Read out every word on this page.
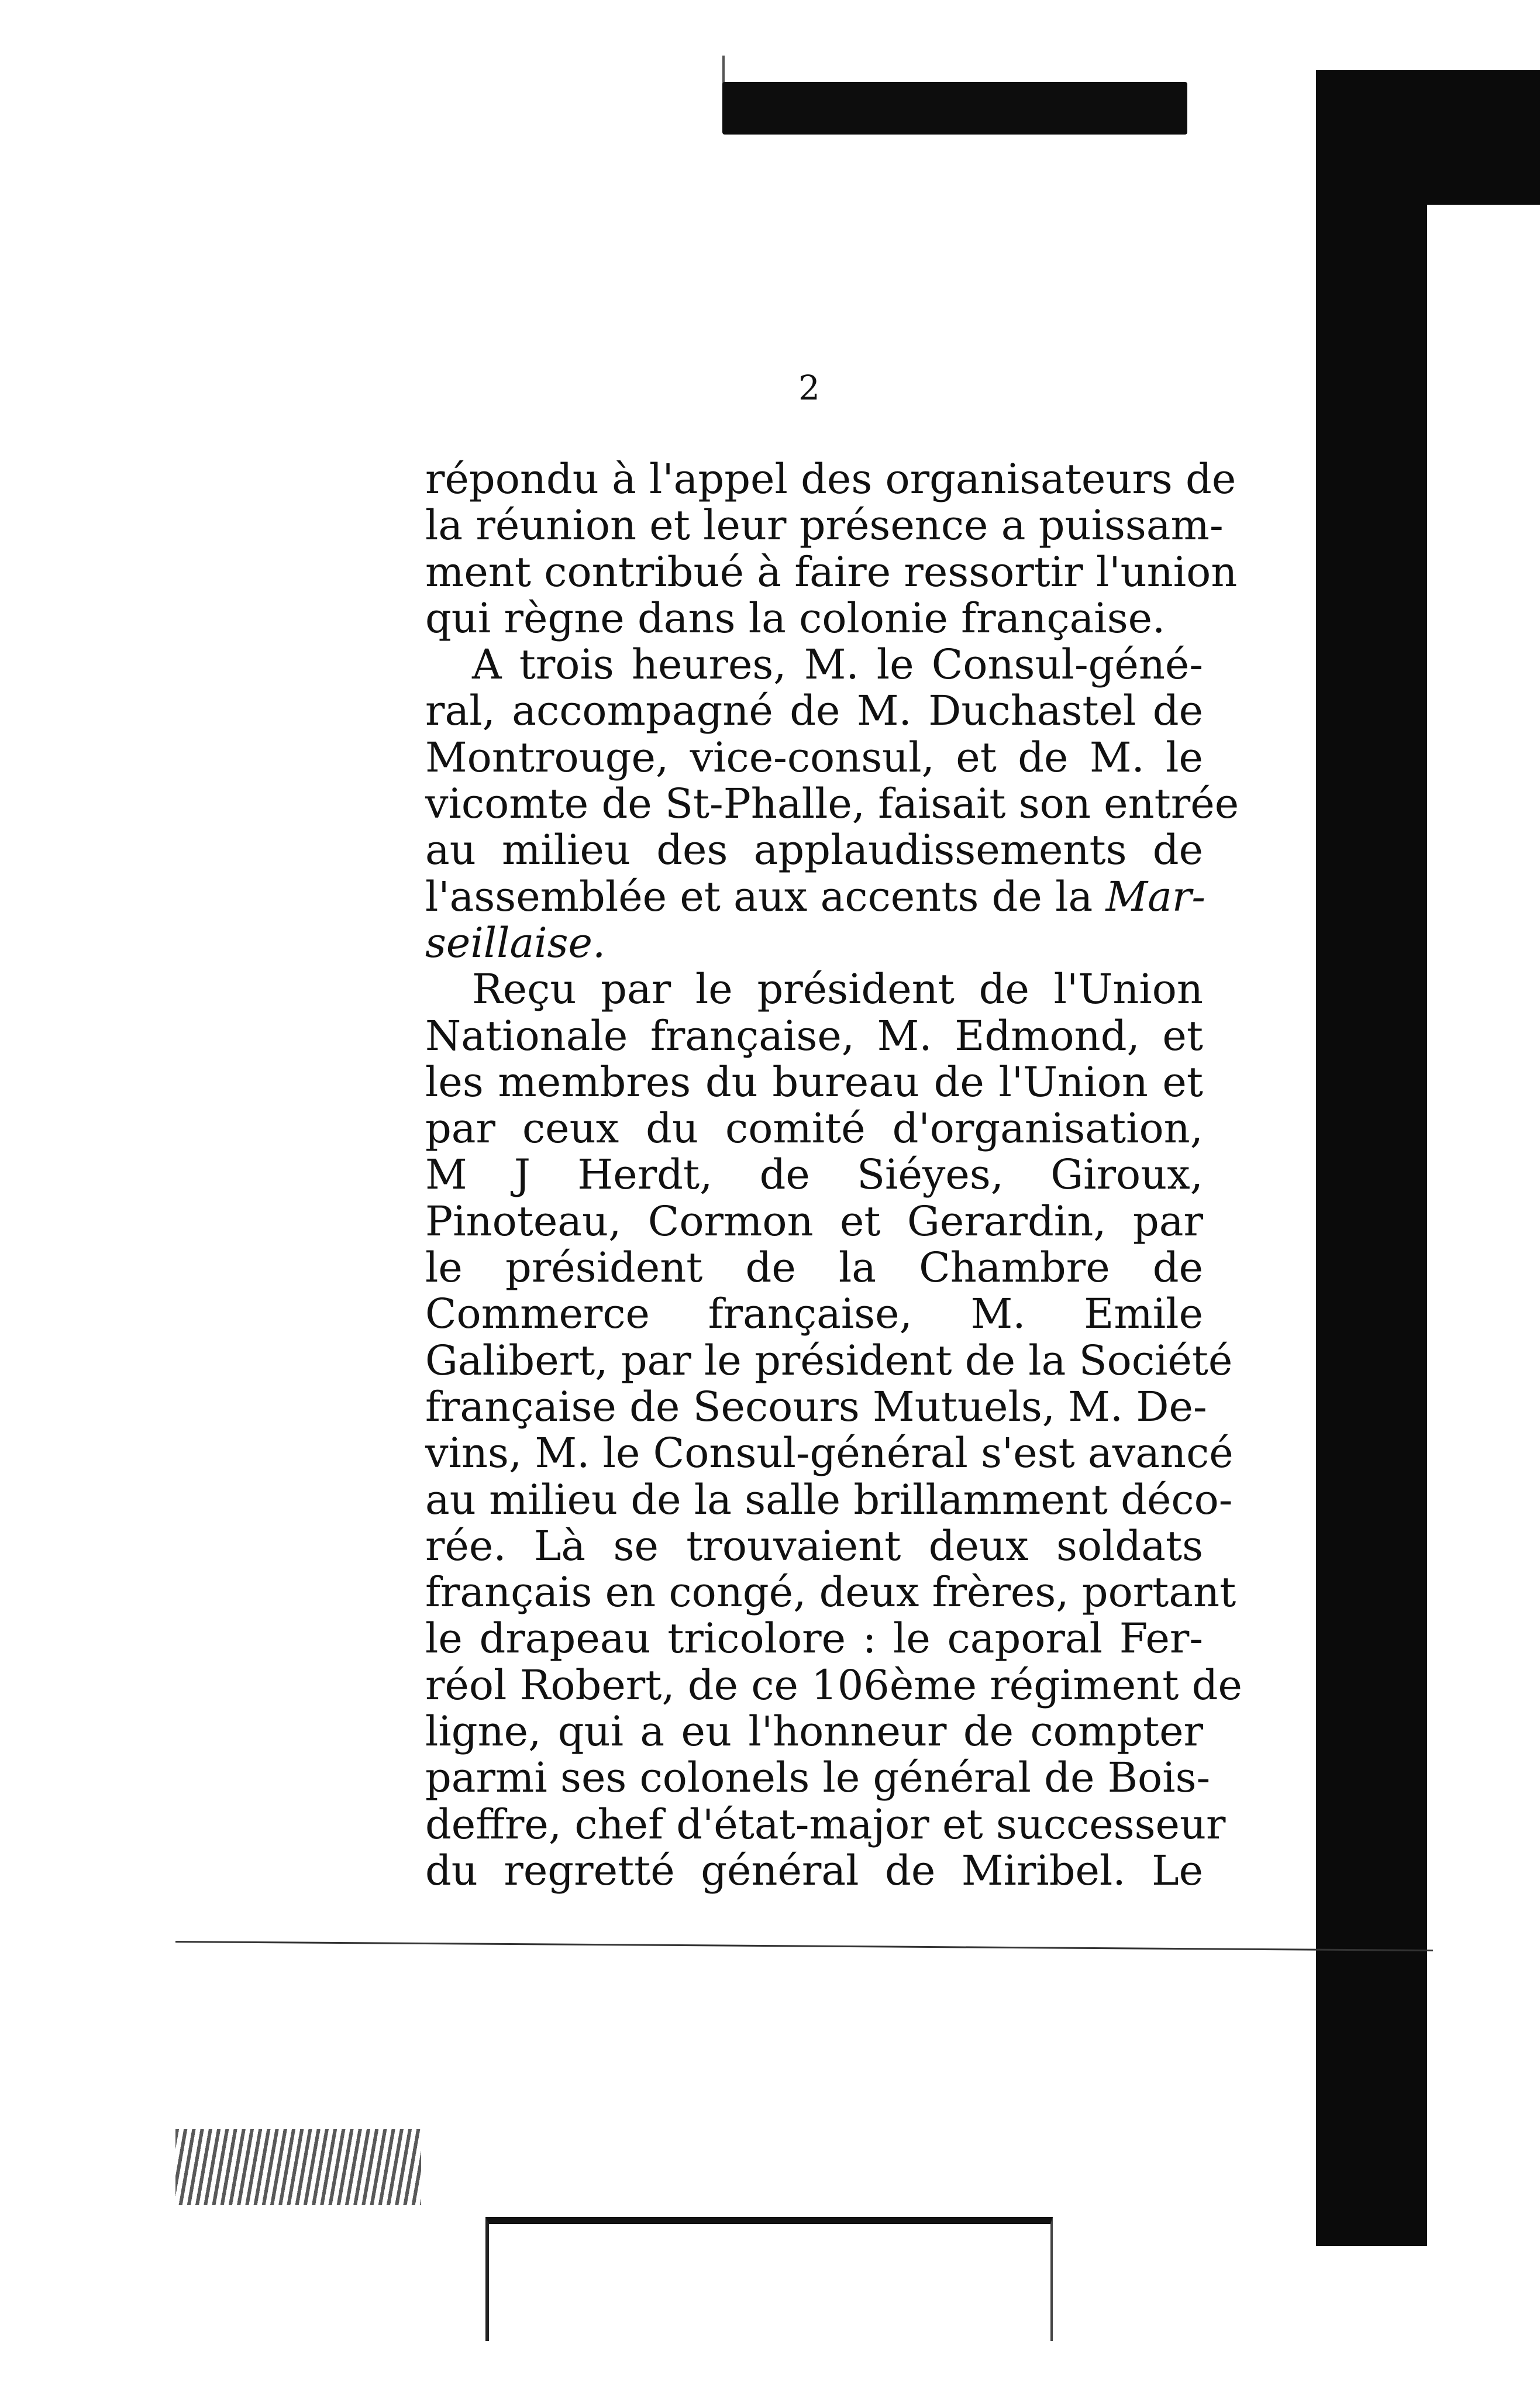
2
répondu à l'appel des organisateurs de
la réunion et leur présence a puissam-
ment contribué à faire ressortir l'union
qui règne dans la colonie française.
A trois heures, M. le Consul-géné-
ral, accompagné de M. Duchastel de
Montrouge, vice-consul, et de M. le
vicomte de St-Phalle, faisait son entrée
au milieu des applaudissements de
l'assemblée et aux accents de la Mar-
seillaise.
Reçu par le président de l'Union
Nationale française, M. Edmond, et
les membres du bureau de l'Union et
par ceux du comité d'organisation,
M J Herdt, de Siéyes, Giroux,
Pinoteau, Cormon et Gerardin, par
le président de la Chambre de
Commerce française, M. Emile
Galibert, par le président de la Société
française de Secours Mutuels, M. De-
vins, M. le Consul-général s'est avancé
au milieu de la salle brillamment déco-
rée. Là se trouvaient deux soldats
français en congé, deux frères, portant
le drapeau tricolore : le caporal Fer-
réol Robert, de ce 106ème régiment de
ligne, qui a eu l'honneur de compter
parmi ses colonels le général de Bois-
deffre, chef d'état-major et successeur
du regretté général de Miribel. Le
